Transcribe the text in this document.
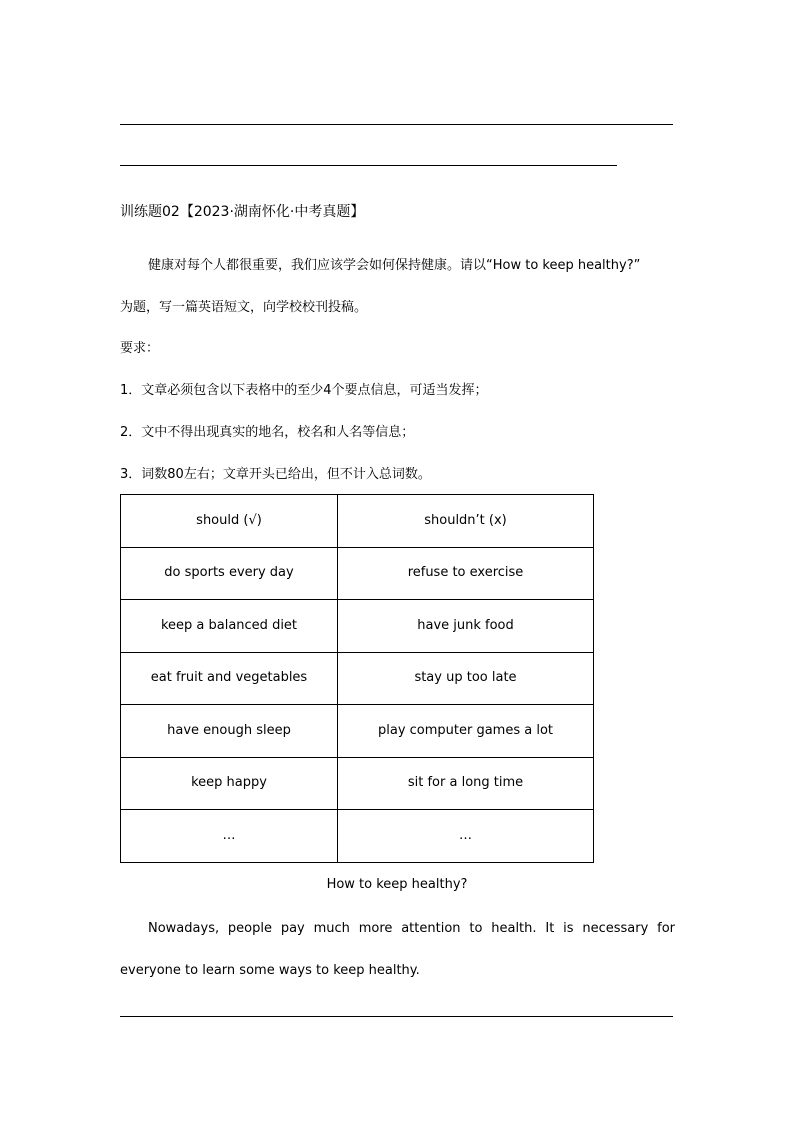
训练题02【2023·湖南怀化·中考真题】
健康对每个人都很重要，我们应该学会如何保持健康。请以“How to keep healthy?”
为题，写一篇英语短文，向学校校刊投稿。
要求：
1．文章必须包含以下表格中的至少4个要点信息，可适当发挥；
2．文中不得出现真实的地名，校名和人名等信息；
3．词数80左右；文章开头已给出，但不计入总词数。
should (√)	shouldn’t (x)
do sports every day	refuse to exercise
keep a balanced diet	have junk food
eat fruit and vegetables	stay up too late
have enough sleep	play computer games a lot
keep happy	sit for a long time
…	…
How to keep healthy?

Nowadays, people pay much more attention to health. It is necessary for everyone to learn some ways to keep healthy.
